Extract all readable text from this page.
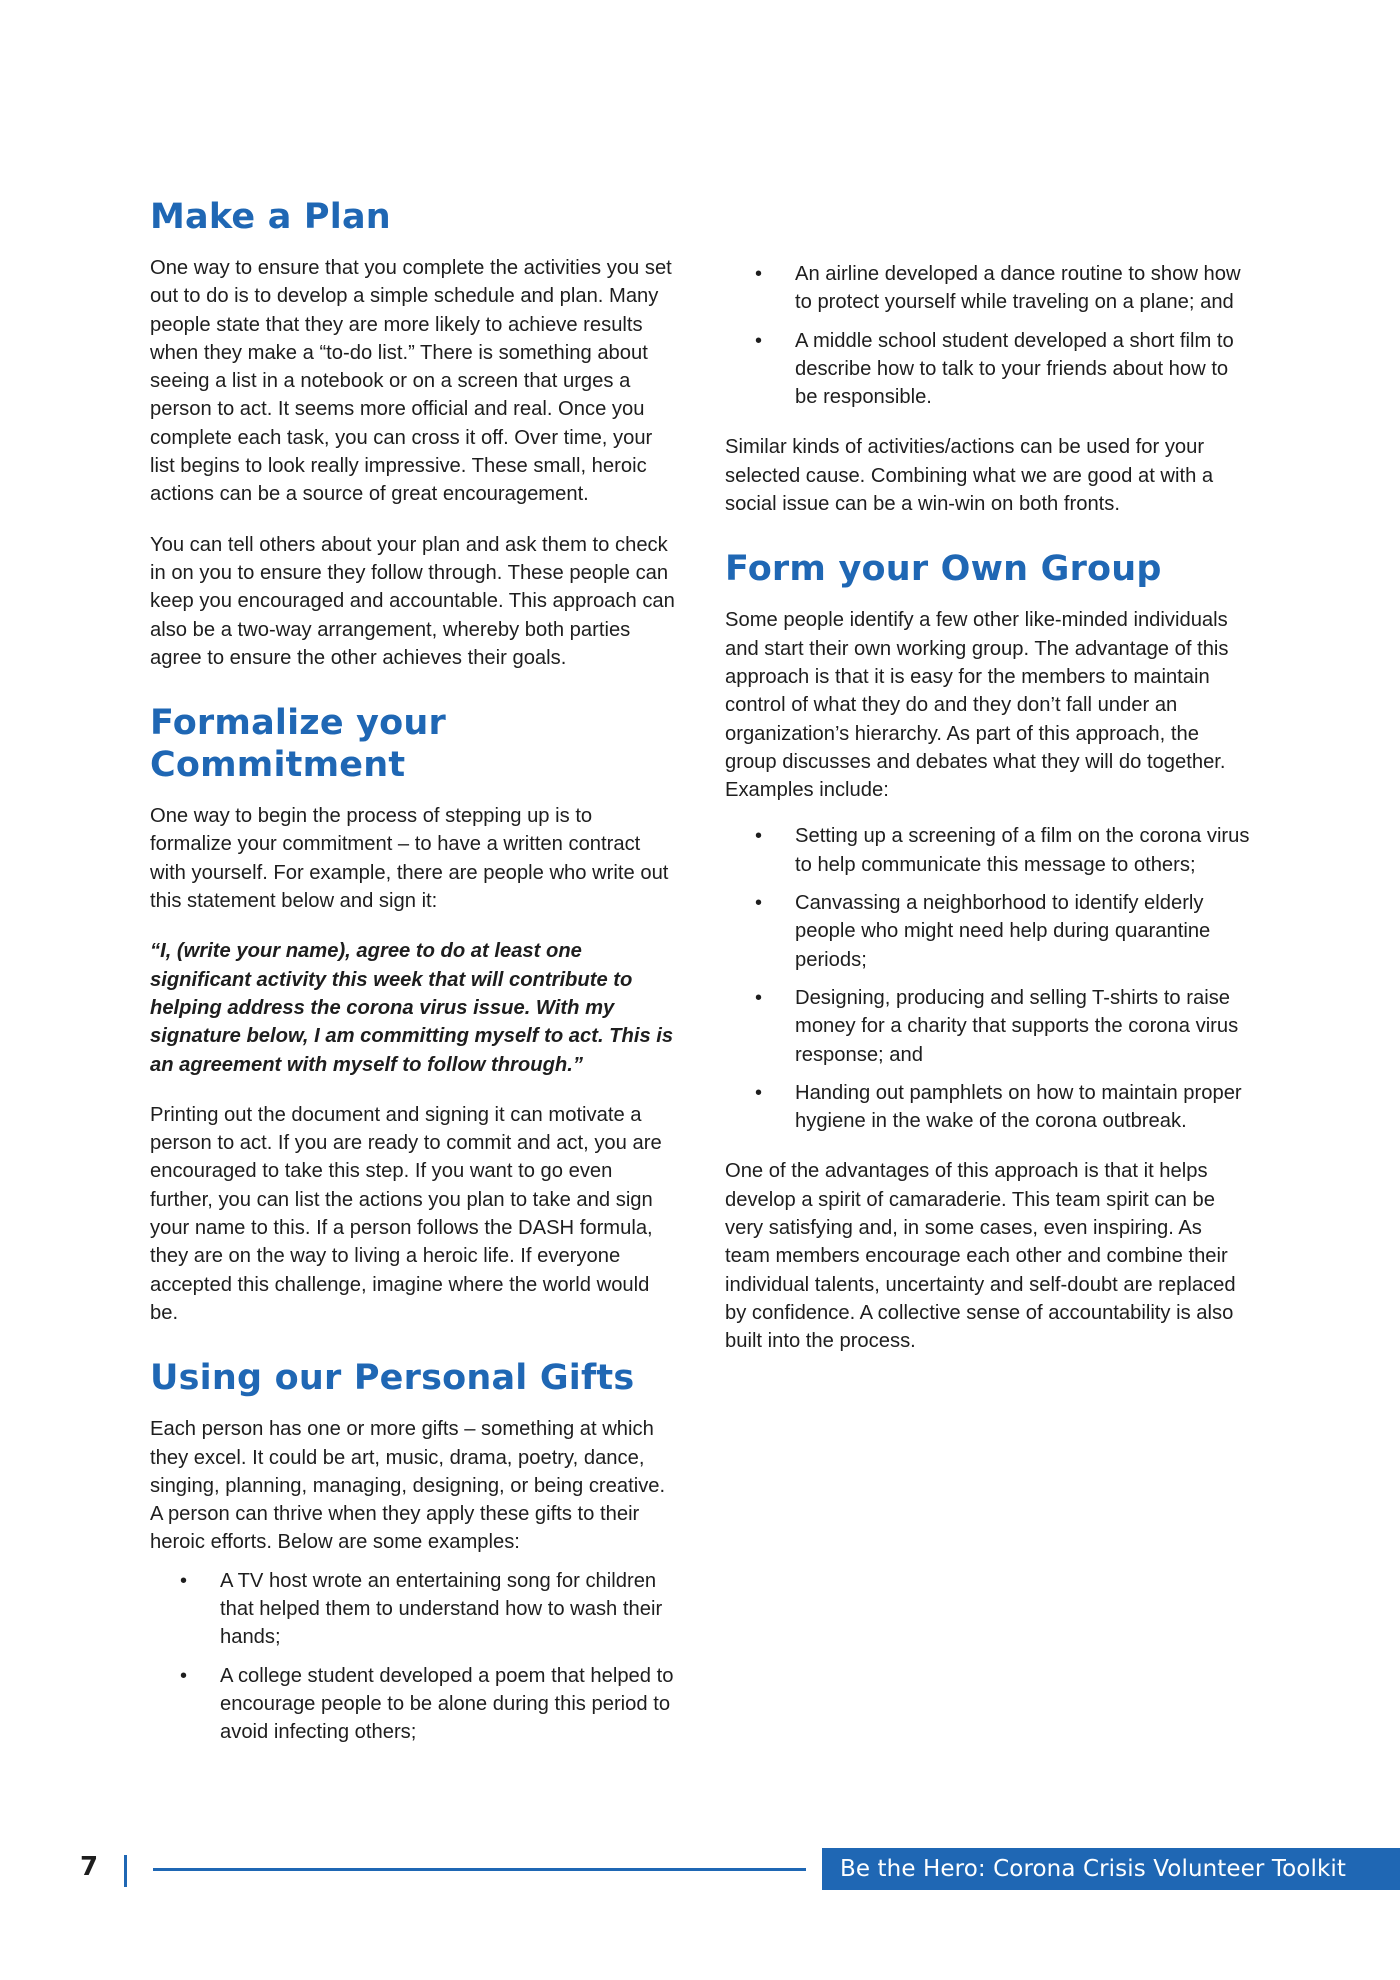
Make a Plan

One way to ensure that you complete the activities you set out to do is to develop a simple schedule and plan. Many people state that they are more likely to achieve results when they make a “to-do list.” There is something about seeing a list in a notebook or on a screen that urges a person to act. It seems more official and real. Once you complete each task, you can cross it off. Over time, your list begins to look really impressive. These small, heroic actions can be a source of great encouragement.

You can tell others about your plan and ask them to check in on you to ensure they follow through. These people can keep you encouraged and accountable. This approach can also be a two-way arrangement, whereby both parties agree to ensure the other achieves their goals.

Formalize your Commitment

One way to begin the process of stepping up is to formalize your commitment – to have a written contract with yourself. For example, there are people who write out this statement below and sign it:

“I, (write your name), agree to do at least one significant activity this week that will contribute to helping address the corona virus issue. With my signature below, I am committing myself to act. This is an agreement with myself to follow through.”

Printing out the document and signing it can motivate a person to act. If you are ready to commit and act, you are encouraged to take this step. If you want to go even further, you can list the actions you plan to take and sign your name to this. If a person follows the DASH formula, they are on the way to living a heroic life. If everyone accepted this challenge, imagine where the world would be.

Using our Personal Gifts

Each person has one or more gifts – something at which they excel. It could be art, music, drama, poetry, dance, singing, planning, managing, designing, or being creative. A person can thrive when they apply these gifts to their heroic efforts. Below are some examples:

• A TV host wrote an entertaining song for children that helped them to understand how to wash their hands;
• A college student developed a poem that helped to encourage people to be alone during this period to avoid infecting others;
• An airline developed a dance routine to show how to protect yourself while traveling on a plane; and
• A middle school student developed a short film to describe how to talk to your friends about how to be responsible.

Similar kinds of activities/actions can be used for your selected cause. Combining what we are good at with a social issue can be a win-win on both fronts.

Form your Own Group

Some people identify a few other like-minded individuals and start their own working group. The advantage of this approach is that it is easy for the members to maintain control of what they do and they don’t fall under an organization’s hierarchy. As part of this approach, the group discusses and debates what they will do together. Examples include:

• Setting up a screening of a film on the corona virus to help communicate this message to others;
• Canvassing a neighborhood to identify elderly people who might need help during quarantine periods;
• Designing, producing and selling T-shirts to raise money for a charity that supports the corona virus response; and
• Handing out pamphlets on how to maintain proper hygiene in the wake of the corona outbreak.

One of the advantages of this approach is that it helps develop a spirit of camaraderie. This team spirit can be very satisfying and, in some cases, even inspiring. As team members encourage each other and combine their individual talents, uncertainty and self-doubt are replaced by confidence. A collective sense of accountability is also built into the process.

7	Be the Hero: Corona Crisis Volunteer Toolkit
